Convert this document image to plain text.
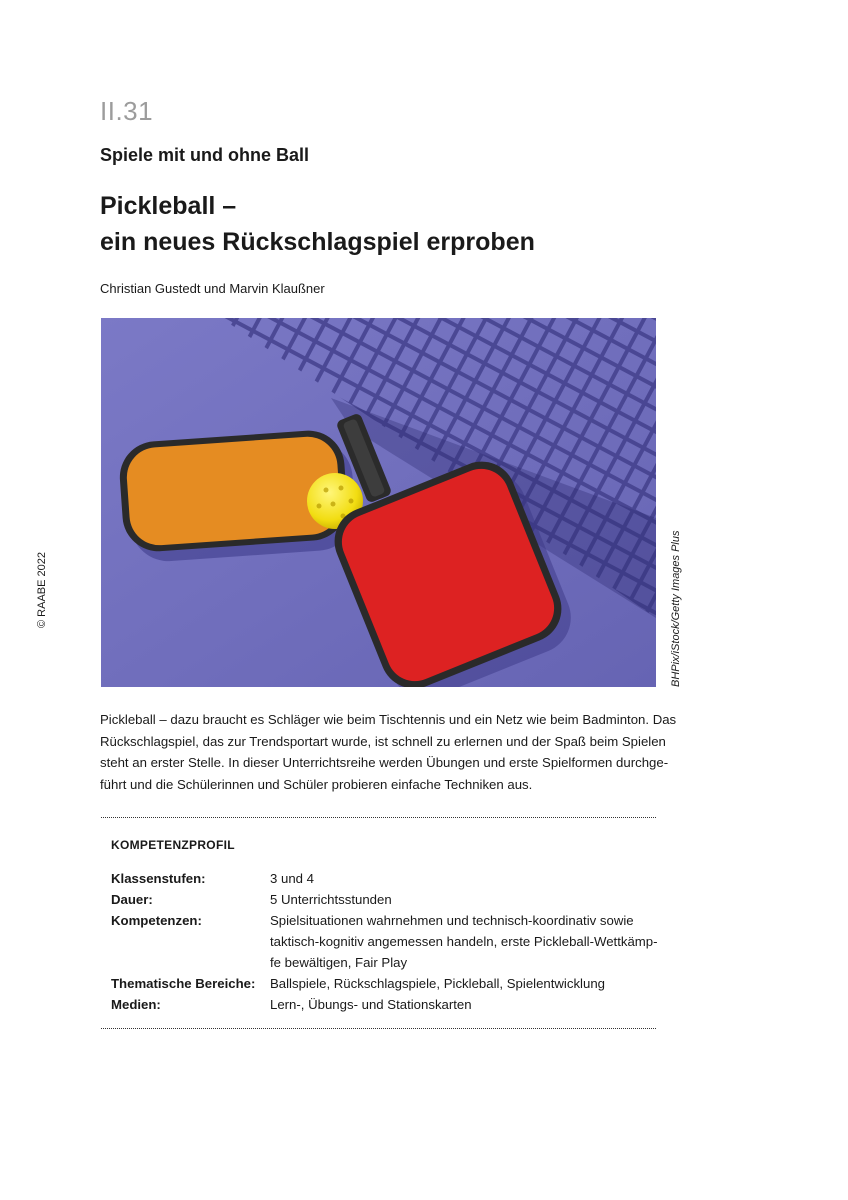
II.31
Spiele mit und ohne Ball
Pickleball –
ein neues Rückschlagspiel erproben
Christian Gustedt und Marvin Klaußner
BHPix/iStock/Getty Images Plus
© RAABE 2022
Pickleball – dazu braucht es Schläger wie beim Tischtennis und ein Netz wie beim Badminton. Das
Rückschlagspiel, das zur Trendsportart wurde, ist schnell zu erlernen und der Spaß beim Spielen
steht an erster Stelle. In dieser Unterrichtsreihe werden Übungen und erste Spielformen durchge-
führt und die Schülerinnen und Schüler probieren einfache Techniken aus.
KOMPETENZPROFIL
Klassenstufen:	3 und 4
Dauer:	5 Unterrichtsstunden
Kompetenzen:	Spielsituationen wahrnehmen und technisch-koordinativ sowie
taktisch-kognitiv angemessen handeln, erste Pickleball-Wettkämp-
fe bewältigen, Fair Play
Thematische Bereiche: Ballspiele, Rückschlagspiele, Pickleball, Spielentwicklung
Medien:	Lern-, Übungs- und Stationskarten
